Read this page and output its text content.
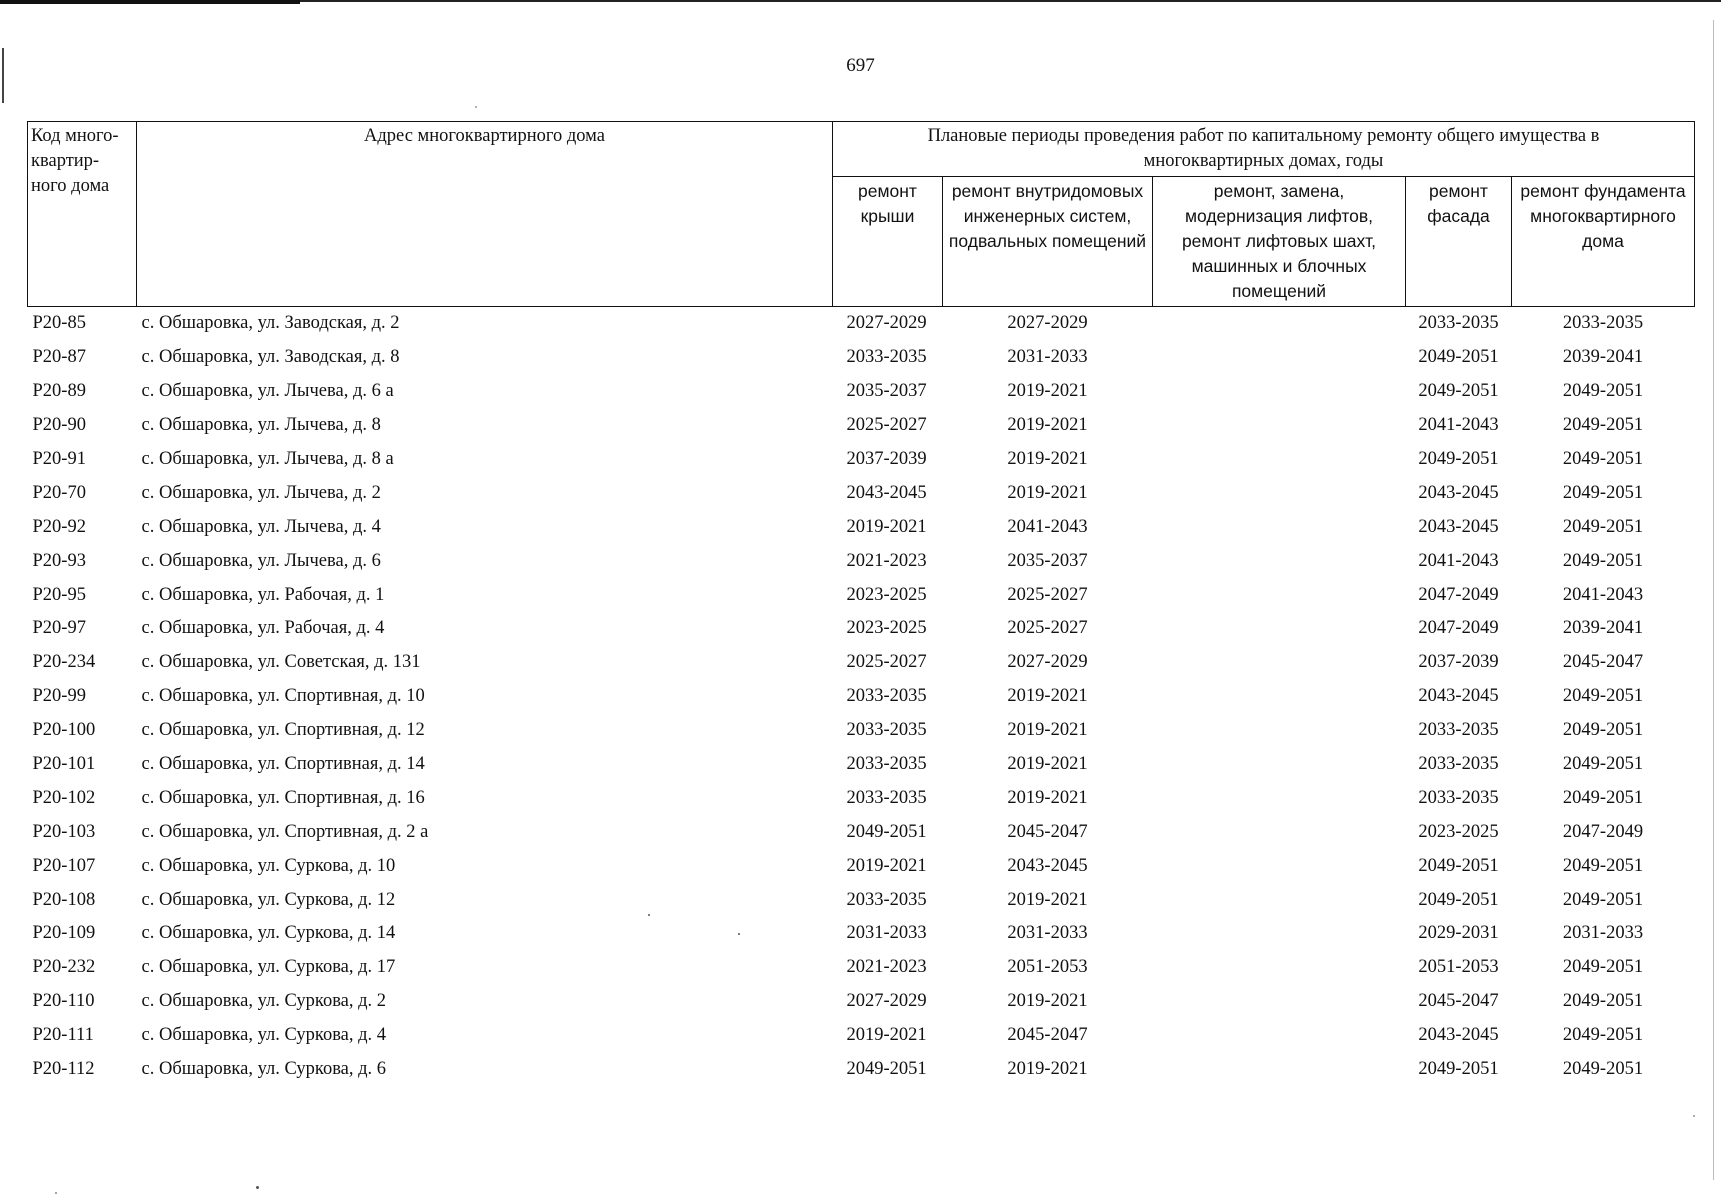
697
Код много-квартир-ного дома	Адрес многоквартирного дома	Плановые периоды проведения работ по капитальному ремонту общего имущества в многоквартирных домах, годы				
		ремонт крыши	ремонт внутридомовых инженерных систем, подвальных помещений	ремонт, замена, модернизация лифтов, ремонт лифтовых шахт, машинных и блочных помещений	ремонт фасада	ремонт фундамента многоквартирного дома
P20-85	с. Обшаровка, ул. Заводская, д. 2	2027-2029	2027-2029		2033-2035	2033-2035
P20-87	с. Обшаровка, ул. Заводская, д. 8	2033-2035	2031-2033		2049-2051	2039-2041
P20-89	с. Обшаровка, ул. Лычева, д. 6 а	2035-2037	2019-2021		2049-2051	2049-2051
P20-90	с. Обшаровка, ул. Лычева, д. 8	2025-2027	2019-2021		2041-2043	2049-2051
P20-91	с. Обшаровка, ул. Лычева, д. 8 а	2037-2039	2019-2021		2049-2051	2049-2051
P20-70	с. Обшаровка, ул. Лычева, д. 2	2043-2045	2019-2021		2043-2045	2049-2051
P20-92	с. Обшаровка, ул. Лычева, д. 4	2019-2021	2041-2043		2043-2045	2049-2051
P20-93	с. Обшаровка, ул. Лычева, д. 6	2021-2023	2035-2037		2041-2043	2049-2051
P20-95	с. Обшаровка, ул. Рабочая, д. 1	2023-2025	2025-2027		2047-2049	2041-2043
P20-97	с. Обшаровка, ул. Рабочая, д. 4	2023-2025	2025-2027		2047-2049	2039-2041
P20-234	с. Обшаровка, ул. Советская, д. 131	2025-2027	2027-2029		2037-2039	2045-2047
P20-99	с. Обшаровка, ул. Спортивная, д. 10	2033-2035	2019-2021		2043-2045	2049-2051
P20-100	с. Обшаровка, ул. Спортивная, д. 12	2033-2035	2019-2021		2033-2035	2049-2051
P20-101	с. Обшаровка, ул. Спортивная, д. 14	2033-2035	2019-2021		2033-2035	2049-2051
P20-102	с. Обшаровка, ул. Спортивная, д. 16	2033-2035	2019-2021		2033-2035	2049-2051
P20-103	с. Обшаровка, ул. Спортивная, д. 2 а	2049-2051	2045-2047		2023-2025	2047-2049
P20-107	с. Обшаровка, ул. Суркова, д. 10	2019-2021	2043-2045		2049-2051	2049-2051
P20-108	с. Обшаровка, ул. Суркова, д. 12	2033-2035	2019-2021		2049-2051	2049-2051
P20-109	с. Обшаровка, ул. Суркова, д. 14	2031-2033	2031-2033		2029-2031	2031-2033
P20-232	с. Обшаровка, ул. Суркова, д. 17	2021-2023	2051-2053		2051-2053	2049-2051
P20-110	с. Обшаровка, ул. Суркова, д. 2	2027-2029	2019-2021		2045-2047	2049-2051
P20-111	с. Обшаровка, ул. Суркова, д. 4	2019-2021	2045-2047		2043-2045	2049-2051
P20-112	с. Обшаровка, ул. Суркова, д. 6	2049-2051	2019-2021		2049-2051	2049-2051
